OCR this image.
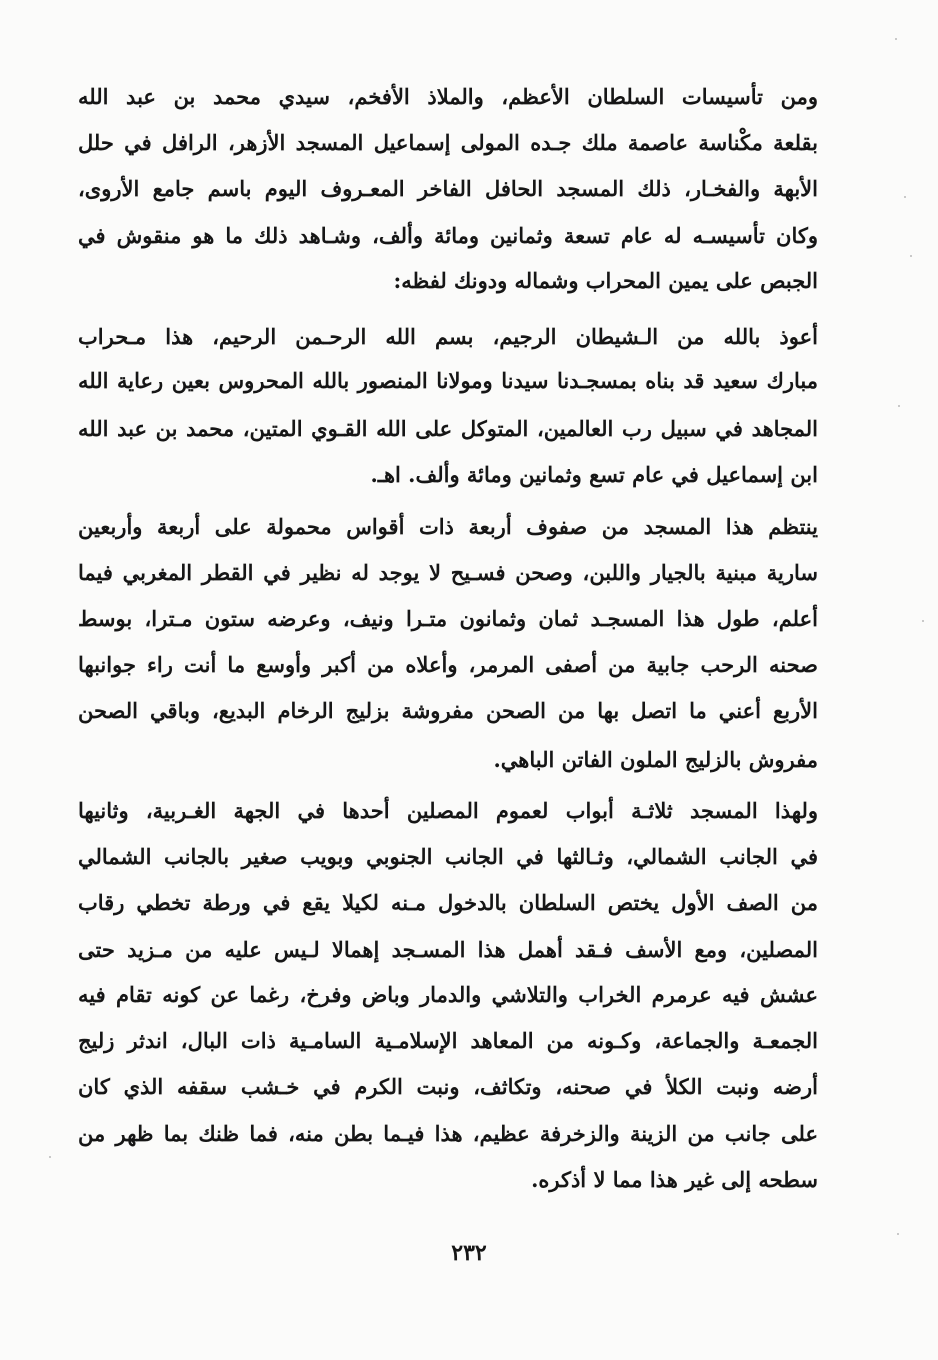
ومن تأسيسات السلطان الأعظم، والملاذ الأفخم، سيدي محمد بن عبد الله
بقلعة مكْناسة عاصمة ملك جـده المولى إسماعيل المسجد الأزهر، الرافل في حلل
الأبهة والفخـار، ذلك المسجد الحافل الفاخر المعـروف اليوم باسم جامع الأروى،
وكان تأسيسـه له عام تسعة وثمانين ومائة وألف، وشـاهد ذلك ما هو منقوش في
الجبص على يمين المحراب وشماله ودونك لفظه:
أعوذ بالله من الـشيطان الرجيم، بسم الله الرحـمن الرحيم، هذا مـحراب
مبارك سعيد قد بناه بمسجـدنا سيدنا ومولانا المنصور بالله المحروس بعين رعاية الله
المجاهد في سبيل رب العالمين، المتوكل على الله القـوي المتين، محمد بن عبد الله
ابن إسماعيل في عام تسع وثمانين ومائة وألف. اهـ.
ينتظم هذا المسجد من صفوف أربعة ذات أقواس محمولة على أربعة وأربعين
سارية مبنية بالجيار واللبن، وصحن فسـيح لا يوجد له نظير في القطر المغربي فيما
أعلم، طول هذا المسجـد ثمان وثمانون متـرا ونيف، وعرضه ستون مـترا، بوسط
صحنه الرحب جابية من أصفى المرمر، وأعلاه من أكبر وأوسع ما أنت راء جوانبها
الأربع أعني ما اتصل بها من الصحن مفروشة بزليج الرخام البديع، وباقي الصحن
مفروش بالزليج الملون الفاتن الباهي.
ولهذا المسجد ثلاثـة أبواب لعموم المصلين أحدها في الجهة الغـربية، وثانيها
في الجانب الشمالي، وثـالثها في الجانب الجنوبي وبويب صغير بالجانب الشمالي
من الصف الأول يختص السلطان بالدخول مـنه لكيلا يقع في ورطة تخطي رقاب
المصلين، ومع الأسف فـقد أهمل هذا المسـجد إهمالا لـيس عليه من مـزيد حتى
عشش فيه عرمرم الخراب والتلاشي والدمار وباض وفرخ، رغما عن كونه تقام فيه
الجمعـة والجماعة، وكـونه من المعاهد الإسلامـية السامـية ذات البال، اندثر زليج
أرضه ونبت الكلأ في صحنه، وتكاثف، ونبت الكرم في خـشب سقفه الذي كان
على جانب من الزينة والزخرفة عظيم، هذا فيـما بطن منه، فما ظنك بما ظهر من
سطحه إلى غير هذا مما لا أذكره.
٢٣٢
